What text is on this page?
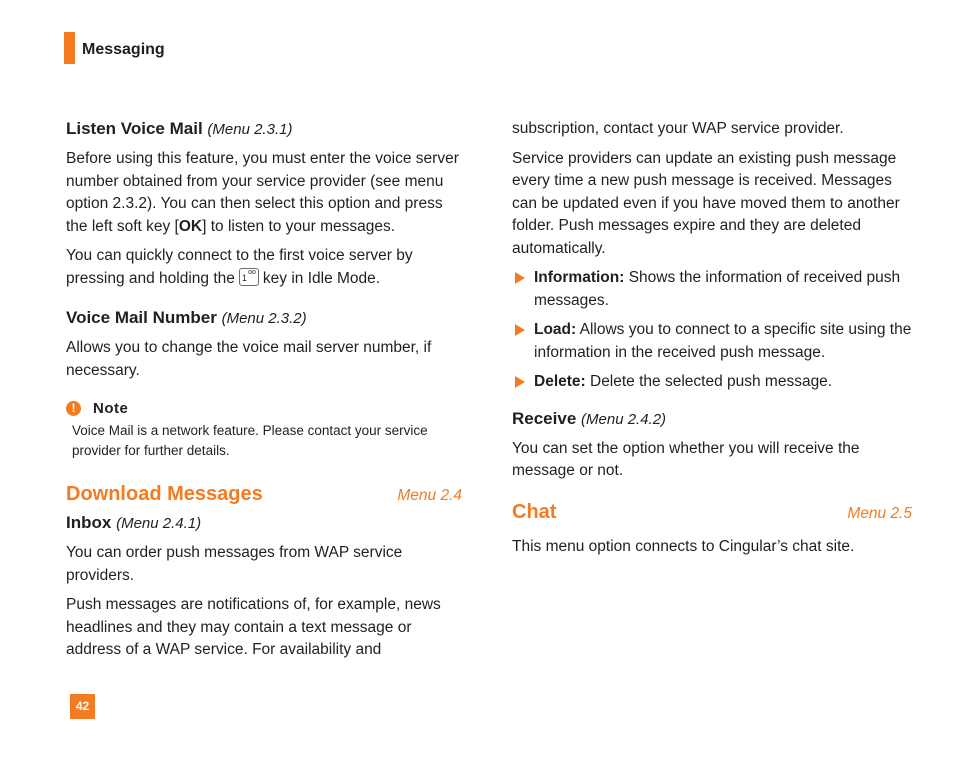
Messaging
Listen Voice Mail (Menu 2.3.1)

Before using this feature, you must enter the voice server number obtained from your service provider (see menu option 2.3.2). You can then select this option and press the left soft key [OK] to listen to your messages.

You can quickly connect to the first voice server by pressing and holding the1 oo key in Idle Mode.

Voice Mail Number (Menu 2.3.2)

Allows you to change the voice mail server number, if necessary.

!	Note

Voice Mail is a network feature. Please contact your service provider for further details.

Download Messages	Menu 2.4
Inbox (Menu 2.4.1)

You can order push messages from WAP service providers.

Push messages are notifications of, for example, news headlines and they may contain a text message or address of a WAP service. For availability and

subscription, contact your WAP service provider.

Service providers can update an existing push message every time a new push message is received. Messages can be updated even if you have moved them to another folder. Push messages expire and they are deleted automatically.

Information: Shows the information of received push messages.
Load: Allows you to connect to a specific site using the information in the received push message.
Delete: Delete the selected push message.
Receive (Menu 2.4.2)

You can set the option whether you will receive the message or not.

Chat	Menu 2.5

This menu option connects to Cingular’s chat site.

42
